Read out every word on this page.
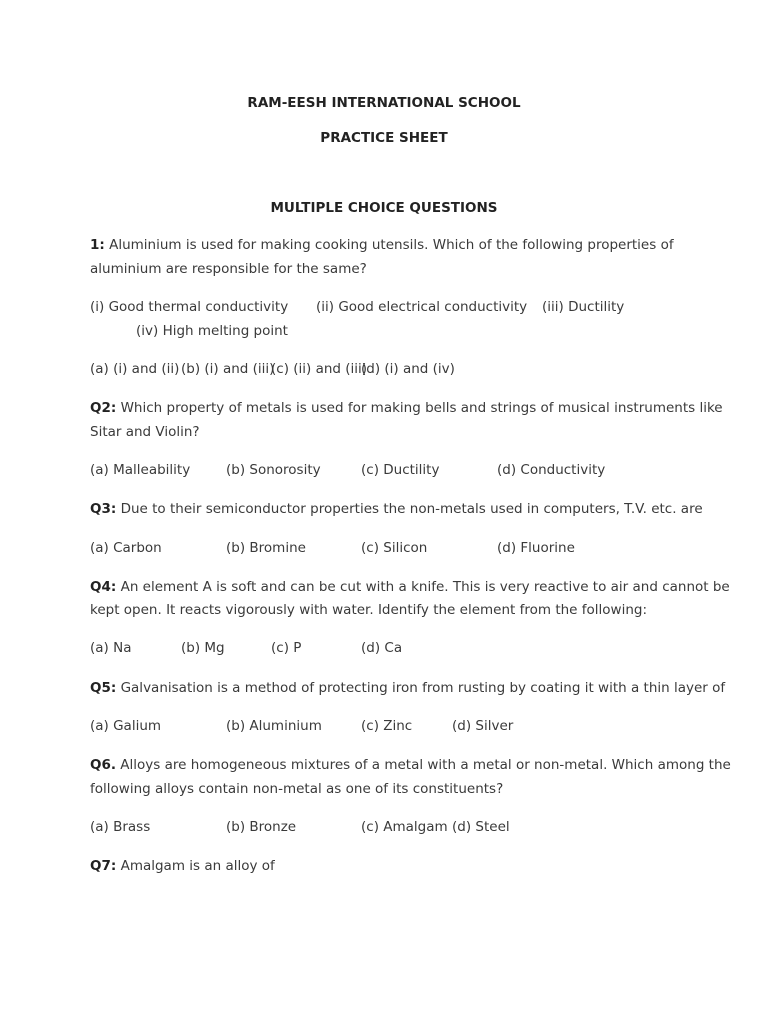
RAM-EESH INTERNATIONAL SCHOOL
PRACTICE SHEET
MULTIPLE CHOICE QUESTIONS
1: Aluminium is used for making cooking utensils. Which of the following properties of
aluminium are responsible for the same?
(i) Good thermal conductivity (ii) Good electrical conductivity (iii) Ductility
(iv) High melting point
(a) (i) and (ii) (b) (i) and (iii)
(c) (ii) and (iii)
(d) (i) and (iv)
Q2: Which property of metals is used for making bells and strings of musical instruments like
Sitar and Violin?
(a) Malleability	(b) Sonorosity	(c) Ductility	(d) Conductivity
Q3: Due to their semiconductor properties the non-metals used in computers, T.V. etc. are
(a) Carbon	(b) Bromine	(c) Silicon	(d) Fluorine
Q4: An element A is soft and can be cut with a knife. This is very reactive to air and cannot be
kept open. It reacts vigorously with water. Identify the element from the following:
(a) Na	(b) Mg	(c) P	(d) Ca
Q5: Galvanisation is a method of protecting iron from rusting by coating it with a thin layer of
(a) Galium	(b) Aluminium	(c) Zinc	(d) Silver
Q6. Alloys are homogeneous mixtures of a metal with a metal or non-metal. Which among the
following alloys contain non-metal as one of its constituents?
(a) Brass	(b) Bronze	(c) Amalgam (d) Steel
Q7: Amalgam is an alloy of
